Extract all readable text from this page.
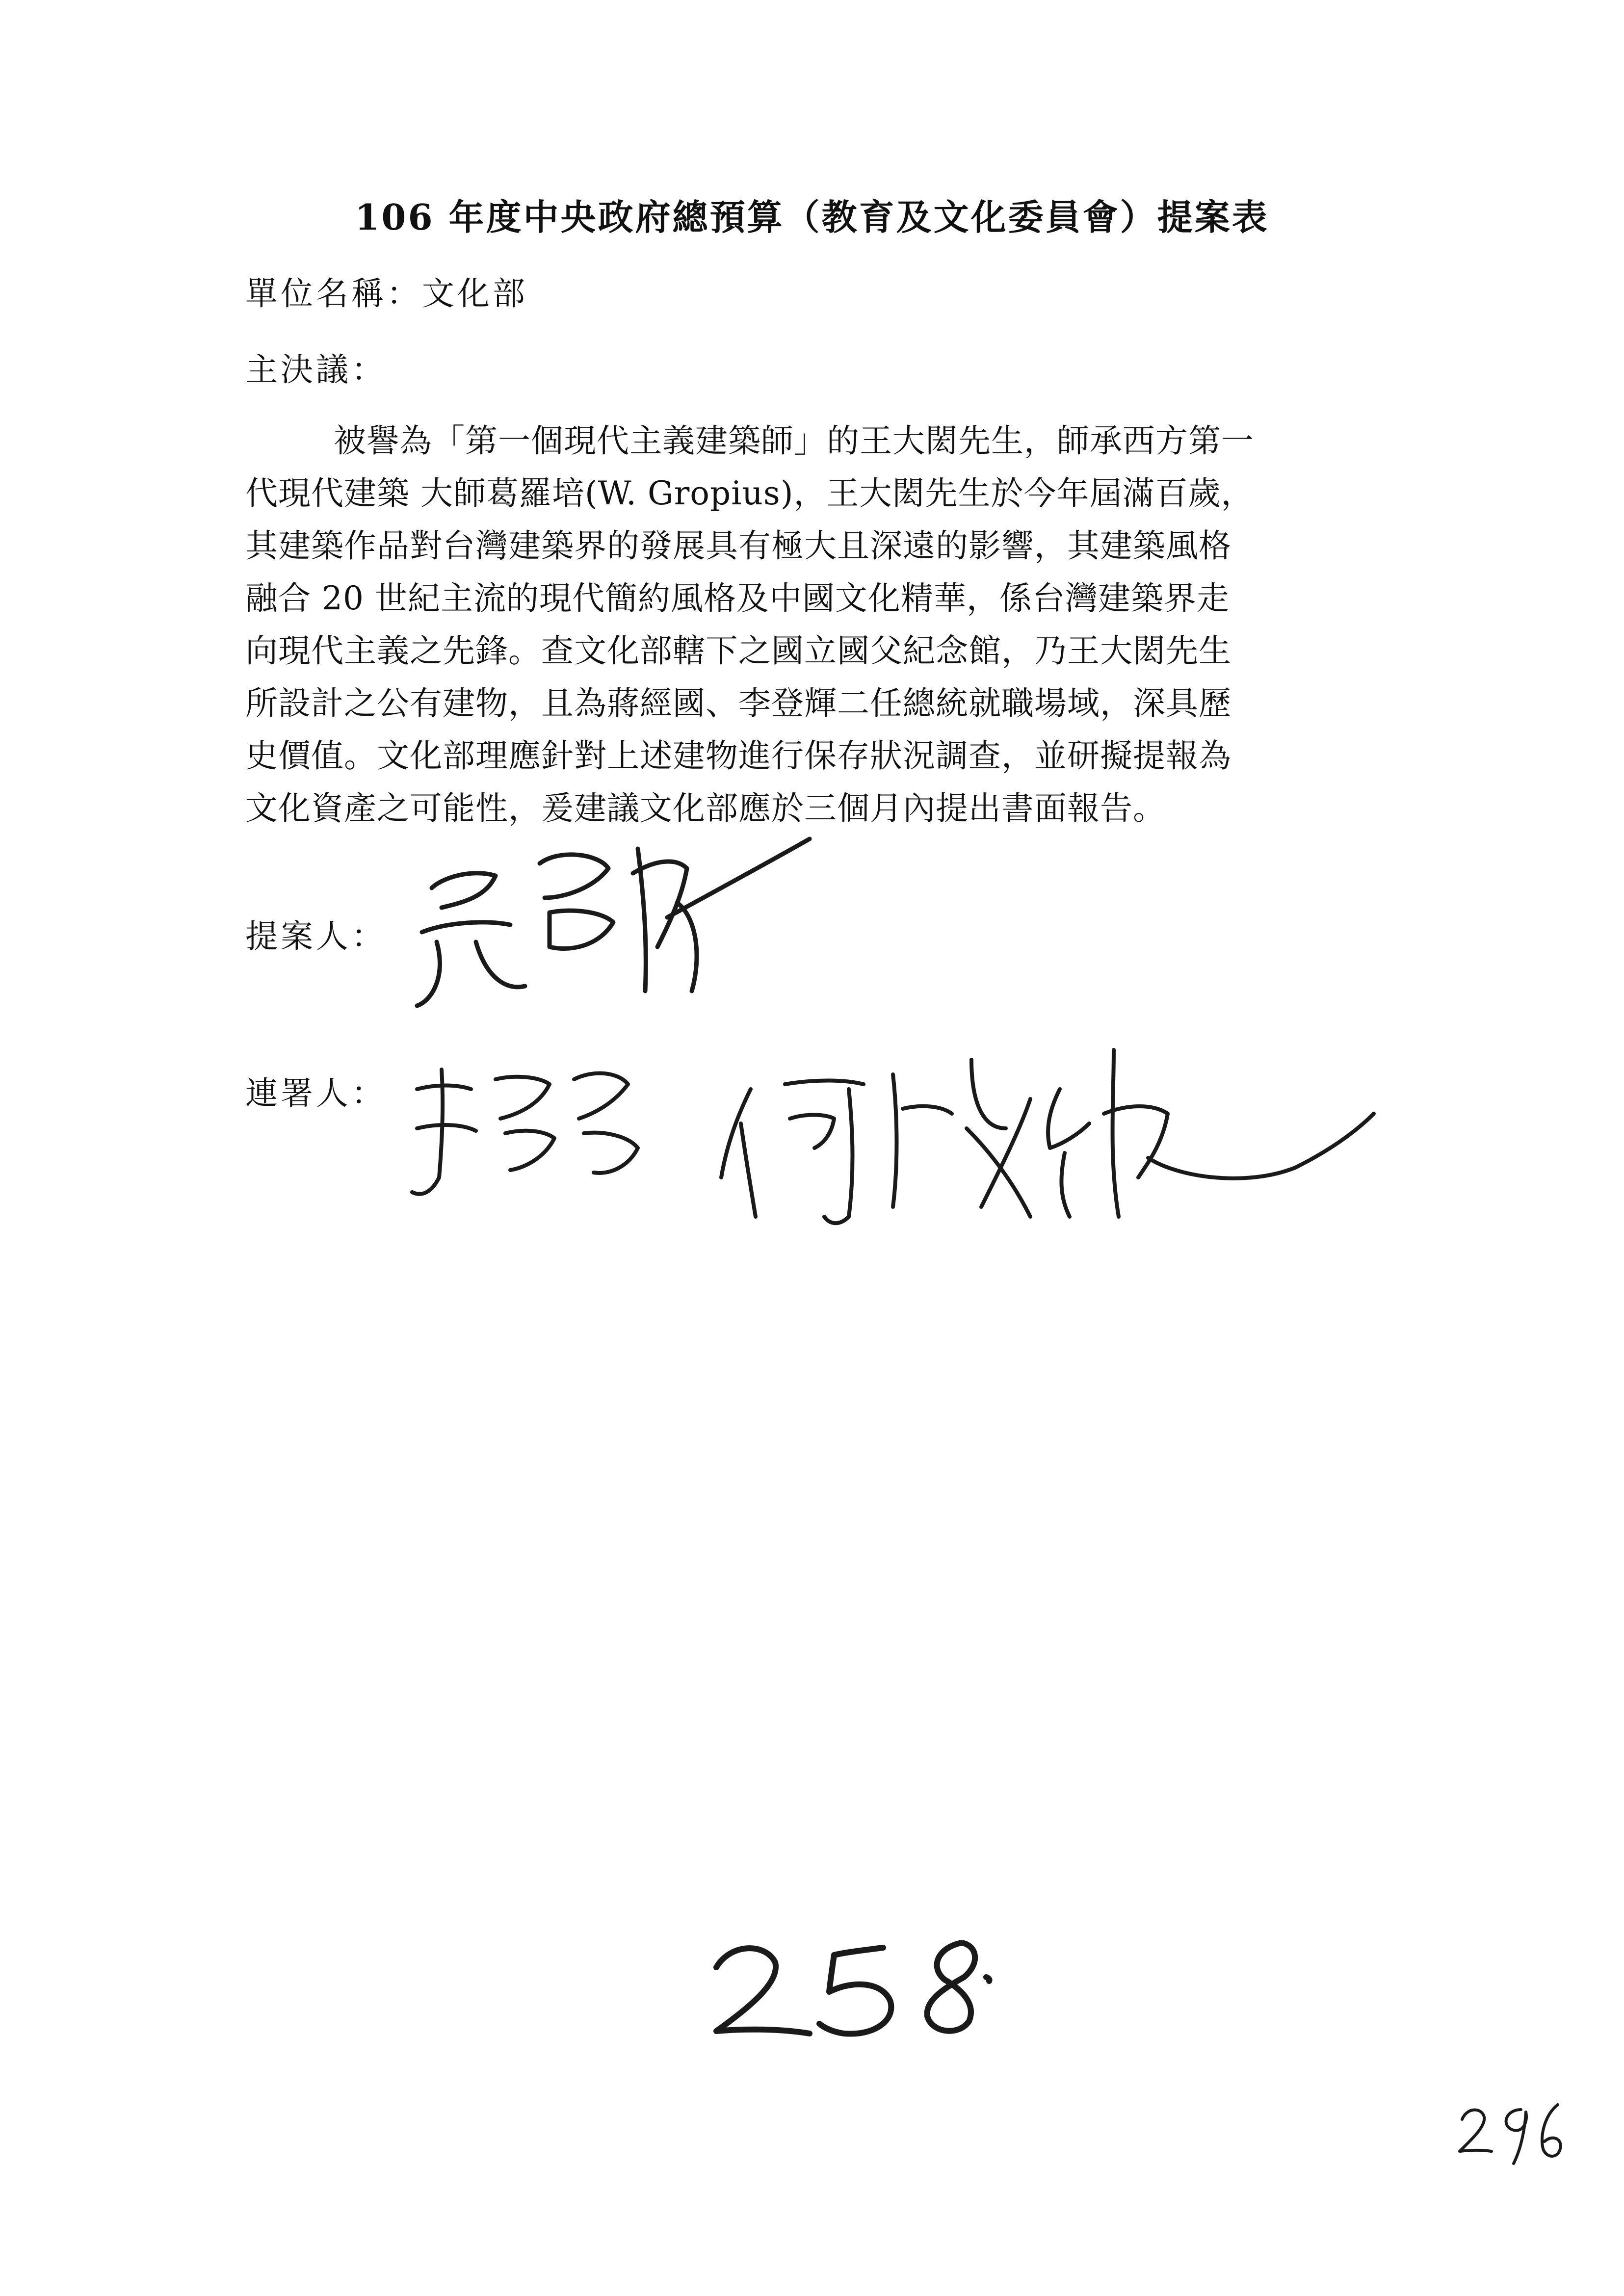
106 年度中央政府總預算（教育及文化委員會）提案表
單位名稱：文化部
主決議：
被譽為「第一個現代主義建築師」的王大閎先生，師承西方第一
代現代建築 大師葛羅培(W. Gropius)，王大閎先生於今年屆滿百歲，
其建築作品對台灣建築界的發展具有極大且深遠的影響，其建築風格
融合 20 世紀主流的現代簡約風格及中國文化精華，係台灣建築界走
向現代主義之先鋒。查文化部轄下之國立國父紀念館，乃王大閎先生
所設計之公有建物，且為蔣經國、李登輝二任總統就職場域，深具歷
史價值。文化部理應針對上述建物進行保存狀況調查，並研擬提報為
文化資產之可能性，爰建議文化部應於三個月內提出書面報告。
提案人：
連署人：
